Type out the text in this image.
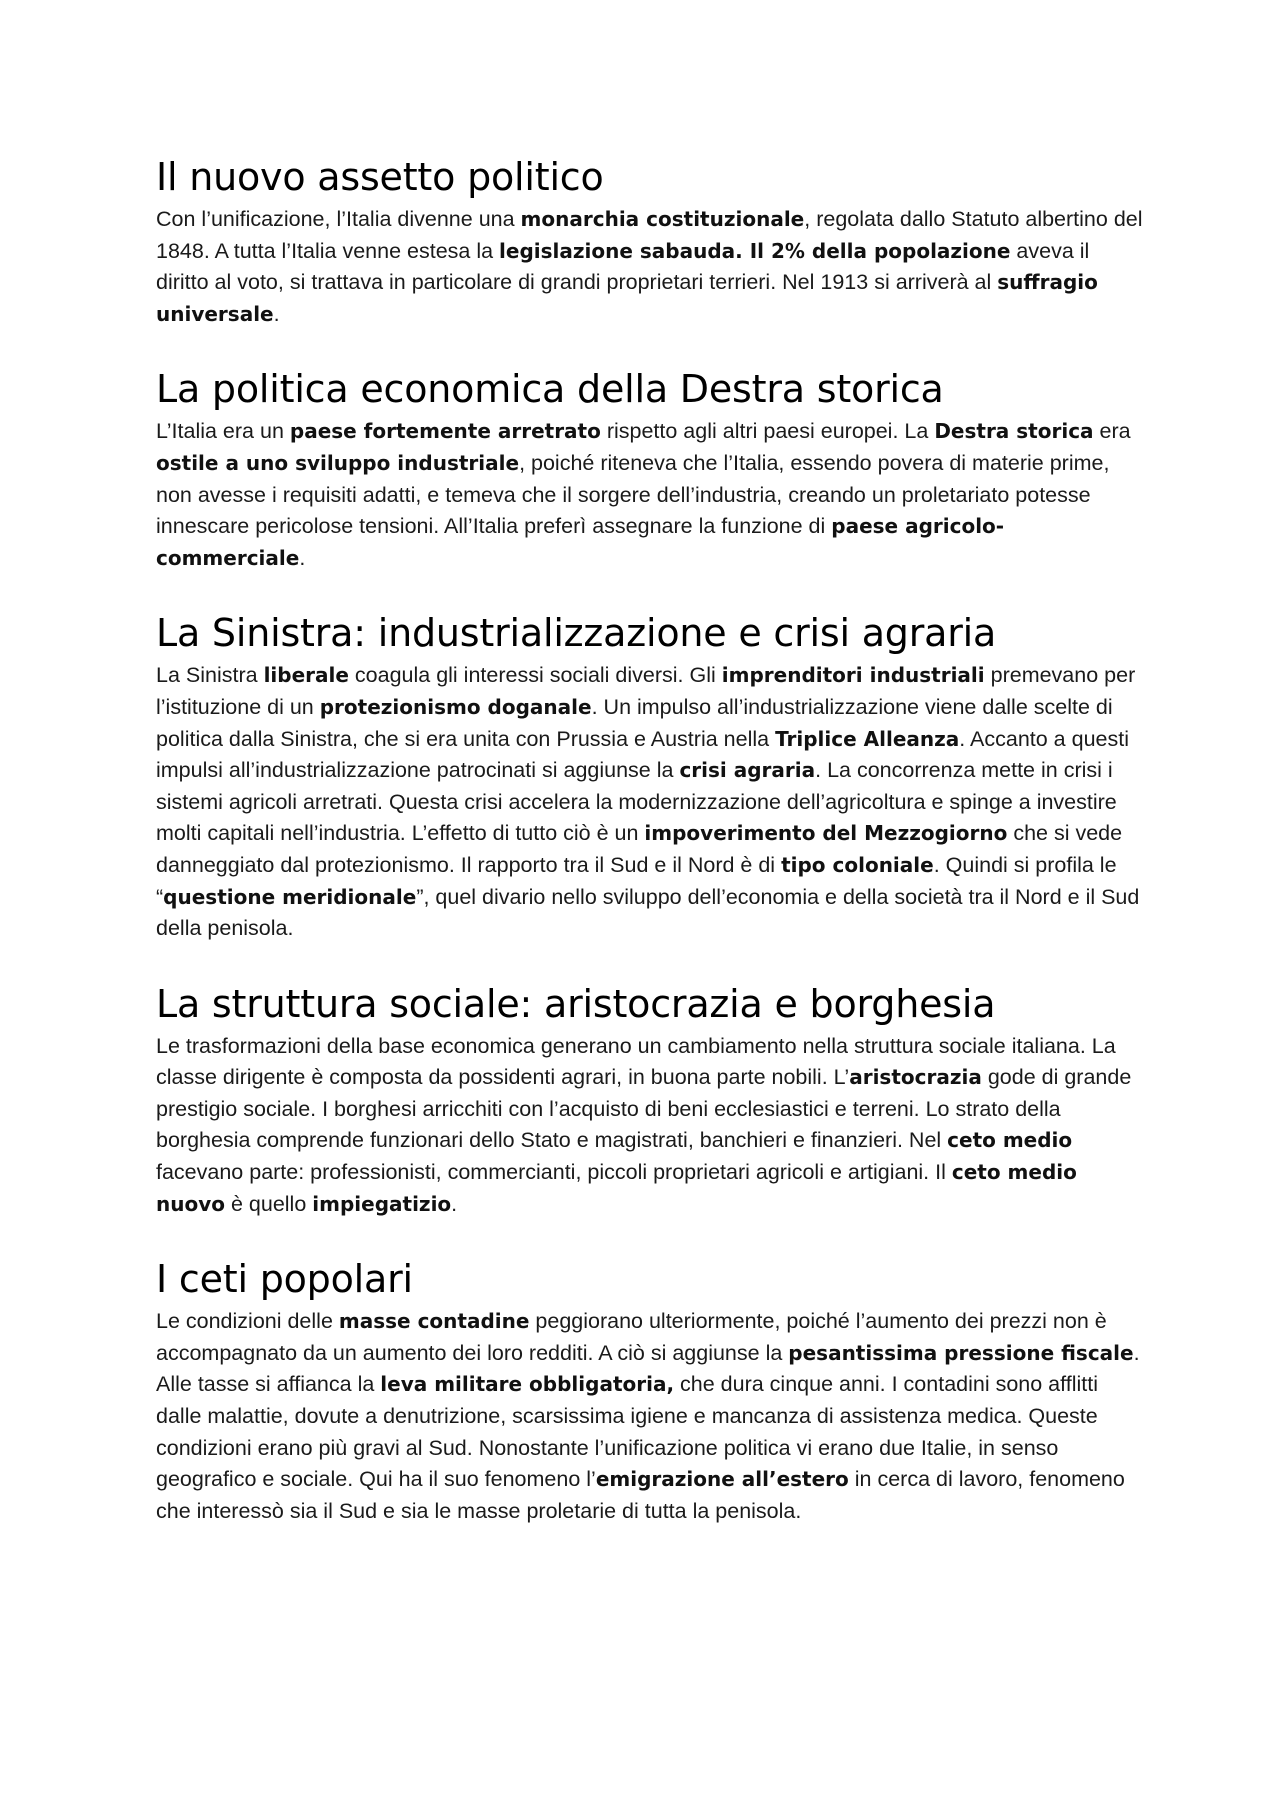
Il nuovo assetto politico

Con l’unificazione, l’Italia divenne una monarchia costituzionale, regolata dallo Statuto albertino del 1848. A tutta l’Italia venne estesa la legislazione sabauda. Il 2% della popolazione aveva il diritto al voto, si trattava in particolare di grandi proprietari terrieri. Nel 1913 si arriverà al suffragio universale.

La politica economica della Destra storica

L’Italia era un paese fortemente arretrato rispetto agli altri paesi europei. La Destra storica era ostile a uno sviluppo industriale, poiché riteneva che l’Italia, essendo povera di materie prime, non avesse i requisiti adatti, e temeva che il sorgere dell’industria, creando un proletariato potesse innescare pericolose tensioni. All’Italia preferì assegnare la funzione di paese agricolo-commerciale.

La Sinistra: industrializzazione e crisi agraria

La Sinistra liberale coagula gli interessi sociali diversi. Gli imprenditori industriali premevano per l’istituzione di un protezionismo doganale. Un impulso all’industrializzazione viene dalle scelte di politica dalla Sinistra, che si era unita con Prussia e Austria nella Triplice Alleanza. Accanto a questi impulsi all’industrializzazione patrocinati si aggiunse la crisi agraria. La concorrenza mette in crisi i sistemi agricoli arretrati. Questa crisi accelera la modernizzazione dell’agricoltura e spinge a investire molti capitali nell’industria. L’effetto di tutto ciò è un impoverimento del Mezzogiorno che si vede danneggiato dal protezionismo. Il rapporto tra il Sud e il Nord è di tipo coloniale. Quindi si profila le “questione meridionale”, quel divario nello sviluppo dell’economia e della società tra il Nord e il Sud della penisola.

La struttura sociale: aristocrazia e borghesia

Le trasformazioni della base economica generano un cambiamento nella struttura sociale italiana. La classe dirigente è composta da possidenti agrari, in buona parte nobili. L’aristocrazia gode di grande prestigio sociale. I borghesi arricchiti con l’acquisto di beni ecclesiastici e terreni. Lo strato della borghesia comprende funzionari dello Stato e magistrati, banchieri e finanzieri. Nel ceto medio facevano parte: professionisti, commercianti, piccoli proprietari agricoli e artigiani. Il ceto medio nuovo è quello impiegatizio.

I ceti popolari

Le condizioni delle masse contadine peggiorano ulteriormente, poiché l’aumento dei prezzi non è accompagnato da un aumento dei loro redditi. A ciò si aggiunse la pesantissima pressione fiscale. Alle tasse si affianca la leva militare obbligatoria, che dura cinque anni. I contadini sono afflitti dalle malattie, dovute a denutrizione, scarsissima igiene e mancanza di assistenza medica. Queste condizioni erano più gravi al Sud. Nonostante l’unificazione politica vi erano due Italie, in senso geografico e sociale. Qui ha il suo fenomeno l’emigrazione all’estero in cerca di lavoro, fenomeno che interessò sia il Sud e sia le masse proletarie di tutta la penisola.
